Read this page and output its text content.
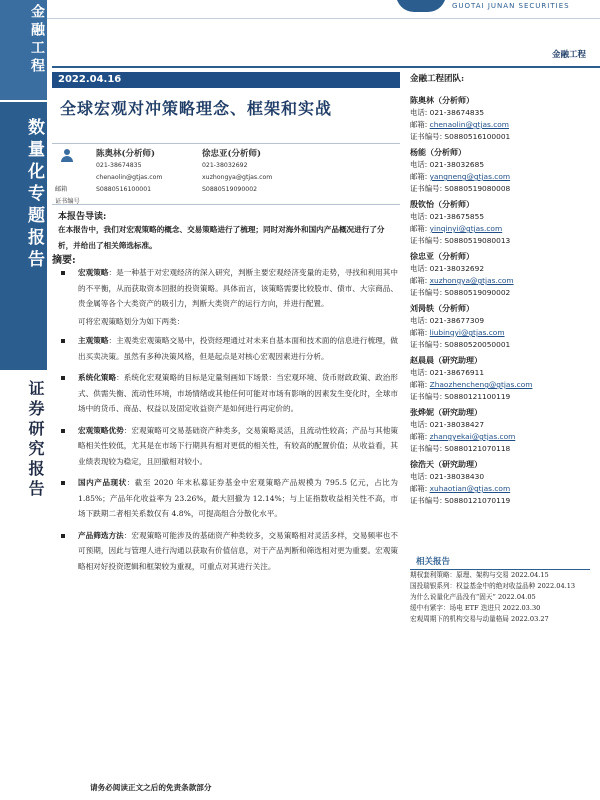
金融工程
数量化专题报告
证券研究报告
GUOTAI JUNAN SECURITIES
金融工程
2022.04.16
全球宏观对冲策略理念、框架和实战
陈奥林(分析师)
021-38674835
chenaolin@gtjas.com
S0880516100001
徐忠亚(分析师)
021-38032692
xuzhongya@gtjas.com
S0880519090002
邮箱
证书编号
本报告导读:
在本报告中，我们对宏观策略的概念、交易策略进行了梳理；同时对海外和国内产品概况进行了分析，并给出了相关筛选标准。
摘要:
宏观策略：是一种基于对宏观经济的深入研究，判断主要宏观经济变量的走势，寻找和利用其中的不平衡，从而获取资本回报的投资策略。具体而言，该策略需要比较股市、债市、大宗商品、贵金属等各个大类资产的吸引力，判断大类资产的运行方向，并进行配置。
可将宏观策略划分为如下两类：
主观策略：主观类宏观策略交易中，投资经理通过对未来自基本面和技术面的信息进行梳理，做出买卖决策。虽然有多种决策风格，但是起点是对核心宏观因素进行分析。
系统化策略：系统化宏观策略的目标是定量刻画如下场景：当宏观环境、货币财政政策、政治形式、供需失衡、流动性环境，市场情绪或其他任何可能对市场有影响的因素发生变化时，全球市场中的货币、商品、权益以及固定收益资产是如何进行再定价的。
宏观策略优势：宏观策略可交易基础资产种类多，交易策略灵活，且流动性较高；产品与其他策略相关性较低，尤其是在市场下行期具有相对更低的相关性，有较高的配置价值；从收益看，其业绩表现较为稳定，且回撤相对较小。
国内产品现状：截至 2020 年末私募证券基金中宏观策略产品规模为 795.5 亿元，占比为 1.85%；产品年化收益率为 23.26%，最大回撤为 12.14%；与上证指数收益相关性不高，市场下跌期二者相关系数仅有 4.8%，可提高组合分散化水平。
产品筛选方法：宏观策略可能涉及的基础资产种类较多，交易策略相对灵活多样，交易频率也不可预期，因此与管理人进行沟通以获取有价值信息，对于产品判断和筛选相对更为重要。宏观策略相对好投资逻辑和框架较为重视，可重点对其进行关注。
金融工程团队:
陈奥林（分析师）
电话: 021-38674835
邮箱: chenaolin@gtjas.com
证书编号: S0880516100001
杨能（分析师）
电话: 021-38032685
邮箱: yangneng@gtjas.com
证书编号: S0880519080008
殷钦怡（分析师）
电话: 021-38675855
邮箱: yinqinyi@gtjas.com
证书编号: S0880519080013
徐忠亚（分析师）
电话: 021-38032692
邮箱: xuzhongya@gtjas.com
证书编号: S0880519090002
刘昺轶（分析师）
电话: 021-38677309
邮箱: liubingyi@gtjas.com
证书编号: S0880520050001
赵晨晨（研究助理）
电话: 021-38676911
邮箱: Zhaozhencheng@gtjas.com
证书编号: S0880121100119
张烨妮（研究助理）
电话: 021-38038427
邮箱: zhangyekai@gtjas.com
证书编号: S0880121070118
徐浩天（研究助理）
电话: 021-38038430
邮箱: xuhaotian@gtjas.com
证书编号: S0880121070119
相关报告
期权套利策略：原理、架构与交易 2022.04.15
国投瑞银系列：权益基金中的绝对收益品种 2022.04.13
为什么说量化产品没有“固天” 2022.04.05
缓中有紧字：场电 ETF 迭进只 2022.03.30
宏观周期下的机构交易与动量格局 2022.03.27
请务必阅读正文之后的免责条款部分
